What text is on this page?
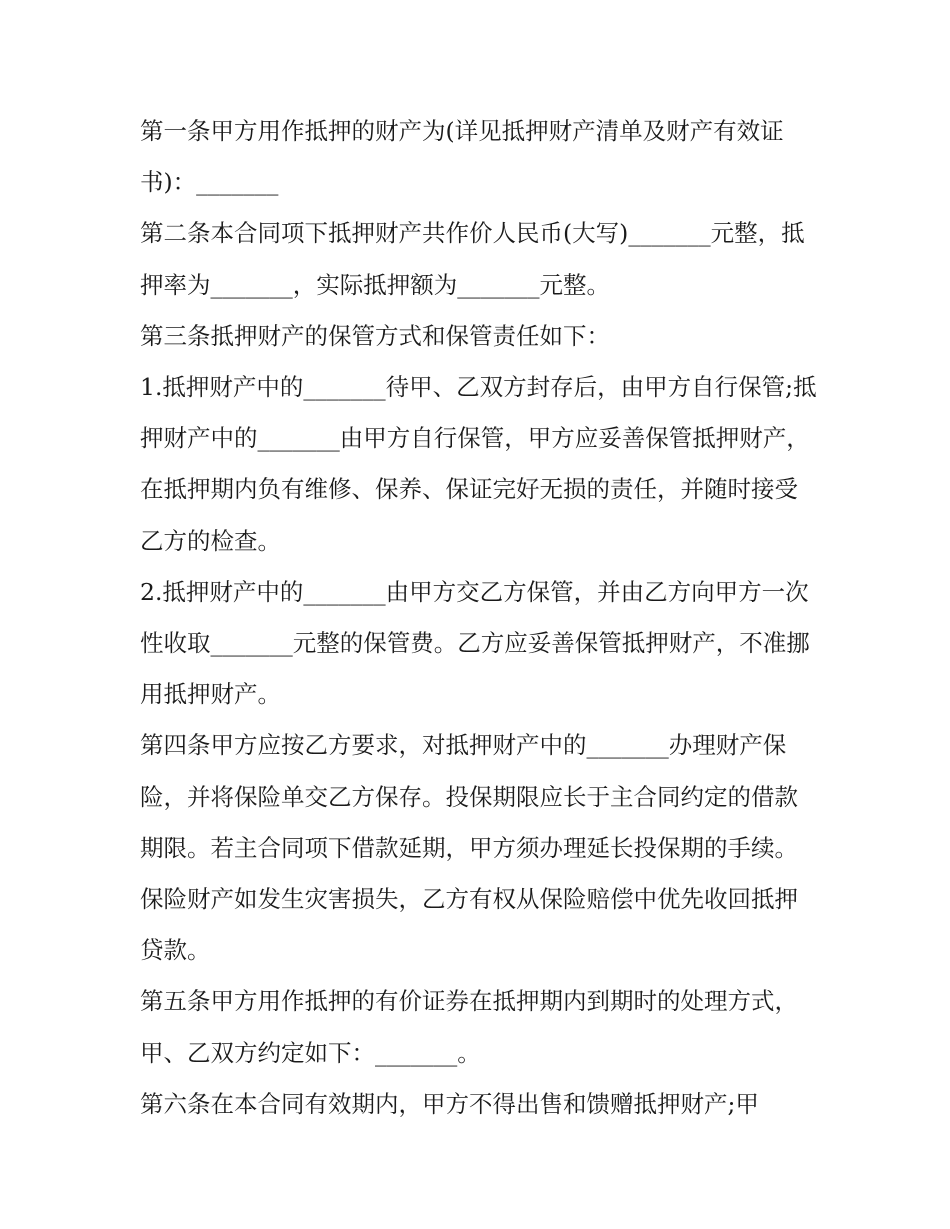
第一条甲方用作抵押的财产为(详见抵押财产清单及财产有效证书)：_______

第二条本合同项下抵押财产共作价人民币(大写)_______元整，抵押率为_______，实际抵押额为_______元整。

第三条抵押财产的保管方式和保管责任如下：

1.抵押财产中的_______待甲、乙双方封存后，由甲方自行保管;抵押财产中的_______由甲方自行保管，甲方应妥善保管抵押财产，在抵押期内负有维修、保养、保证完好无损的责任，并随时接受乙方的检查。

2.抵押财产中的_______由甲方交乙方保管，并由乙方向甲方一次性收取_______元整的保管费。乙方应妥善保管抵押财产，不准挪用抵押财产。

第四条甲方应按乙方要求，对抵押财产中的_______办理财产保险，并将保险单交乙方保存。投保期限应长于主合同约定的借款期限。若主合同项下借款延期，甲方须办理延长投保期的手续。保险财产如发生灾害损失，乙方有权从保险赔偿中优先收回抵押贷款。

第五条甲方用作抵押的有价证券在抵押期内到期时的处理方式，甲、乙双方约定如下：_______。

第六条在本合同有效期内，甲方不得出售和馈赠抵押财产;甲
